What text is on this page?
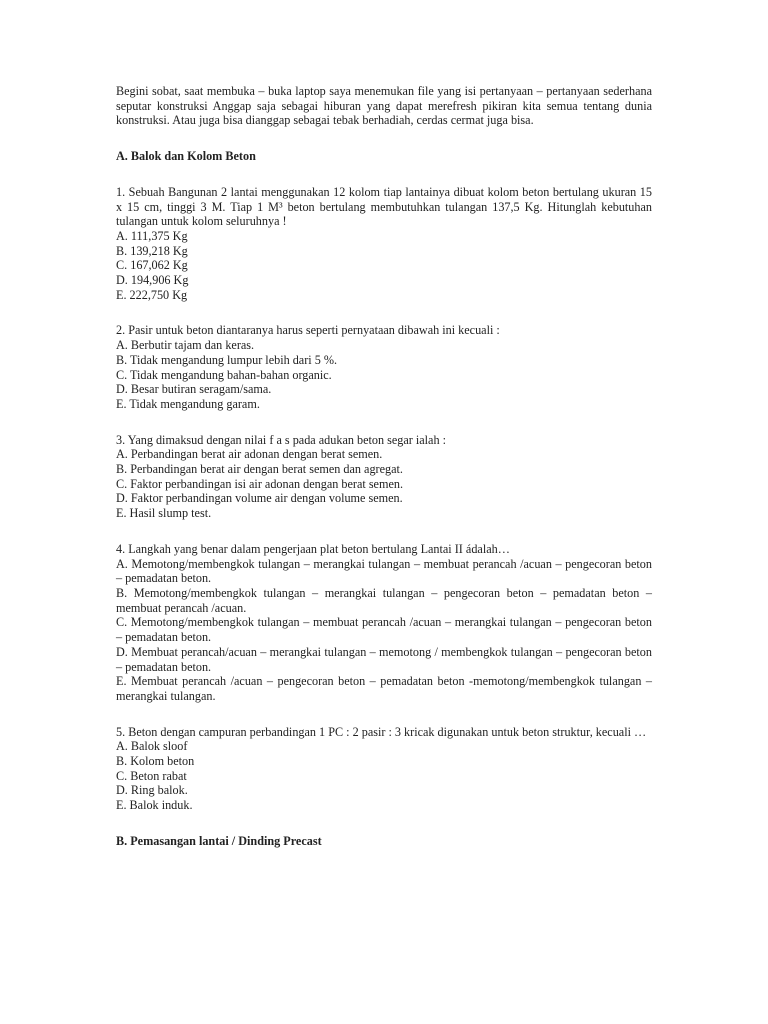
Begini sobat, saat membuka – buka laptop saya menemukan file yang isi pertanyaan – pertanyaan sederhana seputar konstruksi Anggap saja sebagai hiburan yang dapat merefresh pikiran kita semua tentang dunia konstruksi. Atau juga bisa dianggap sebagai tebak berhadiah, cerdas cermat juga bisa.

A. Balok dan Kolom Beton

1. Sebuah Bangunan 2 lantai menggunakan 12 kolom tiap lantainya dibuat kolom beton bertulang ukuran 15 x 15 cm, tinggi 3 M. Tiap 1 M³ beton bertulang membutuhkan tulangan 137,5 Kg. Hitunglah kebutuhan tulangan untuk kolom seluruhnya !

A. 111,375 Kg

B. 139,218 Kg

C. 167,062 Kg

D. 194,906 Kg

E. 222,750 Kg

2. Pasir untuk beton diantaranya harus seperti pernyataan dibawah ini kecuali :

A. Berbutir tajam dan keras.

B. Tidak mengandung lumpur lebih dari 5 %.

C. Tidak mengandung bahan-bahan organic.

D. Besar butiran seragam/sama.

E. Tidak mengandung garam.

3. Yang dimaksud dengan nilai f a s pada adukan beton segar ialah :

A. Perbandingan berat air adonan dengan berat semen.

B. Perbandingan berat air dengan berat semen dan agregat.

C. Faktor perbandingan isi air adonan dengan berat semen.

D. Faktor perbandingan volume air dengan volume semen.

E. Hasil slump test.

4. Langkah yang benar dalam pengerjaan plat beton bertulang Lantai II ádalah…

A. Memotong/membengkok tulangan – merangkai tulangan – membuat perancah /acuan – pengecoran beton – pemadatan beton.

B. Memotong/membengkok tulangan – merangkai tulangan – pengecoran beton – pemadatan beton – membuat perancah /acuan.

C. Memotong/membengkok tulangan – membuat perancah /acuan – merangkai tulangan – pengecoran beton – pemadatan beton.

D. Membuat perancah/acuan – merangkai tulangan – memotong / membengkok tulangan – pengecoran beton – pemadatan beton.

E. Membuat perancah /acuan – pengecoran beton – pemadatan beton -memotong/membengkok tulangan – merangkai tulangan.

5. Beton dengan campuran perbandingan 1 PC : 2 pasir : 3 kricak digunakan untuk beton struktur, kecuali …

A. Balok sloof

B. Kolom beton

C. Beton rabat

D. Ring balok.

E. Balok induk.

B. Pemasangan lantai / Dinding Precast
